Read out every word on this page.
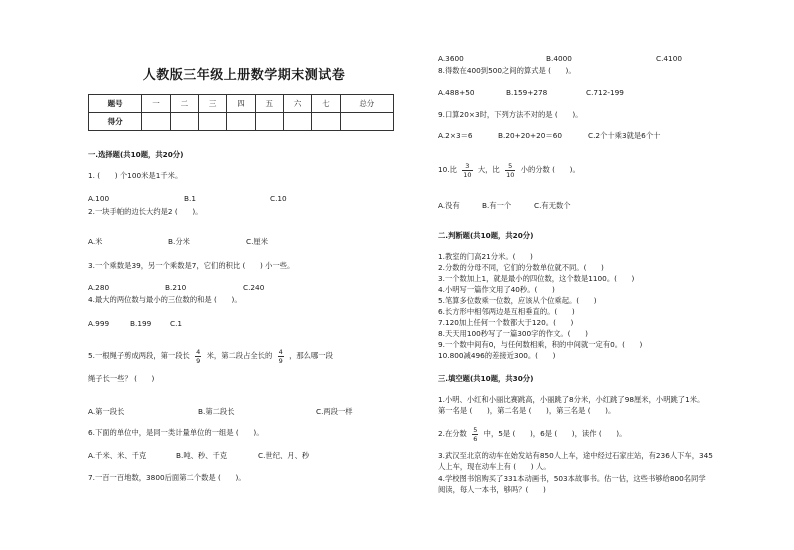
人教版三年级上册数学期末测试卷
题号	一	二	三	四	五	六	七	总分
得分								
一.选择题(共10题，共20分)
1. (　　) 个100米是1千米。
A.100	B.1	C.10
2.一块手帕的边长大约是2 (　　)。
A.米	B.分米	C.厘米
3.一个乘数是39，另一个乘数是7，它们的积比 (　　) 小一些。
A.280	B.210	C.240
4.最大的两位数与最小的三位数的和是 (　　)。
A.999	B.199	C.1
5.一根绳子剪成两段，第一段长 $\frac{4}{9}$ 米，第二段占全长的 $\frac{4}{9}$ ，那么哪一段
绳子长一些？ (　　)
A.第一段长	B.第二段长	C.两段一样
6.下面的单位中，是同一类计量单位的一组是 (　　)。
A.千米、米、千克	B.吨、秒、千克	C.世纪、月、秒
7.一百一百地数，3800后面第二个数是 (　　)。
A.3600	B.4000	C.4100
8.得数在400到500之间的算式是 (　　)。
A.488+50	B.159+278	C.712-199
9.口算20×3时，下列方法不对的是 (　　)。
A.2×3＝6	B.20+20+20＝60	C.2个十乘3就是6个十
10.比 $\frac{3}{10}$ 大，比 $\frac{5}{10}$ 小的分数 (　　)。
A.没有	B.有一个	C.有无数个
二.判断题(共10题，共20分)
1.教室的门高21分米。(　　)
2.分数的分母不同，它们的分数单位就不同。(　　)
3.一个数加上1，就是最小的四位数，这个数是1100。(　　)
4.小明写一篇作文用了40秒。(　　)
5.笔算多位数乘一位数，应该从个位乘起。(　　)
6.长方形中相邻两边是互相垂直的。(　　)
7.120加上任何一个数都大于120。(　　)
8.天天用100秒写了一篇300字的作文。(　　)
9.一个数中间有0，与任何数相乘，积的中间就一定有0。(　　)
10.800减496的差接近300。(　　)
三.填空题(共10题，共30分)
1.小明、小红和小丽比赛跳高，小丽跳了8分米，小红跳了98厘米，小明跳了1米。
第一名是 (　　)，第二名是 (　　)，第三名是 (　　)。
2.在分数 $\frac{5}{6}$ 中，5是 (　　)，6是 (　　)，读作 (　　)。
3.武汉至北京的动车在始发站有850人上车，途中经过石家庄站，有236人下车，345
人上车，现在动车上有 (　　) 人。
4.学校图书馆购买了331本动画书，503本故事书。估一估，这些书够给800名同学
阅读，每人一本书，够吗？(　　)
